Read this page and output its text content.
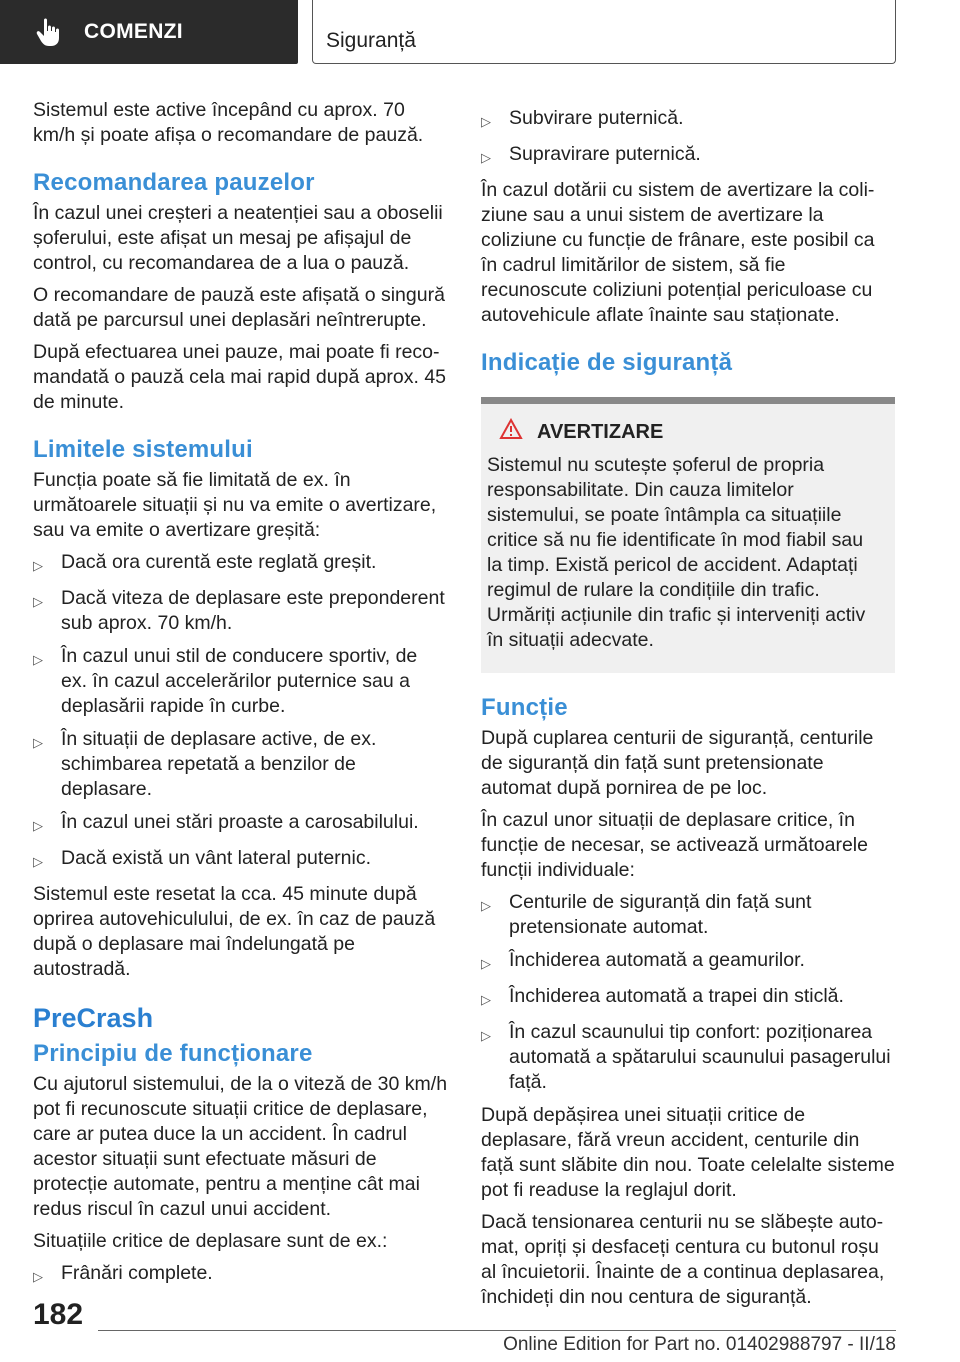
COMENZI	Siguranță

Sistemul este active începând cu aprox. 70 km/h și poate afișa o recomandare de pauză.

Recomandarea pauzelor

În cazul unei creșteri a neatenției sau a oboselii șoferului, este afișat un mesaj pe afișajul de control, cu recomandarea de a lua o pauză.

O recomandare de pauză este afișată o singură dată pe parcursul unei deplasări neîntrerupte.

După efectuarea unei pauze, mai poate fi recomandată o pauză cela mai rapid după aprox. 45 de minute.

Limitele sistemului

Funcția poate să fie limitată de ex. în următoarele situații și nu va emite o avertizare, sau va emite o avertizare greșită:

▷ Dacă ora curentă este reglată greșit.
▷ Dacă viteza de deplasare este preponderent sub aprox. 70 km/h.
▷ În cazul unui stil de conducere sportiv, de ex. în cazul accelerărilor puternice sau a deplasării rapide în curbe.
▷ În situații de deplasare active, de ex. schimbarea repetată a benzilor de deplasare.
▷ În cazul unei stări proaste a carosabilului.
▷ Dacă există un vânt lateral puternic.

Sistemul este resetat la cca. 45 minute după oprirea autovehiculului, de ex. în caz de pauză după o deplasare mai îndelungată pe autostradă.

PreCrash
Principiu de funcționare

Cu ajutorul sistemului, de la o viteză de 30 km/h pot fi recunoscute situații critice de deplasare, care ar putea duce la un accident. În cadrul acestor situații sunt efectuate măsuri de protecție automate, pentru a menține cât mai redus riscul în cazul unui accident.

Situațiile critice de deplasare sunt de ex.:

▷ Frânări complete.
▷ Subvirare puternică.
▷ Supravirare puternică.

În cazul dotării cu sistem de avertizare la coliziune sau a unui sistem de avertizare la coliziune cu funcție de frânare, este posibil ca în cadrul limitărilor de sistem, să fie recunoscute coliziuni potențial periculoase cu autovehicule aflate înainte sau staționate.

Indicație de siguranță
AVERTIZARE
Sistemul nu scutește șoferul de propria responsabilitate. Din cauza limitelor sistemului, se poate întâmpla ca situațiile critice să nu fie identificate în mod fiabil sau la timp. Există pericol de accident. Adaptați regimul de rulare la condițiile din trafic. Urmăriți acțiunile din trafic și interveniți activ în situații adecvate.
Funcție

După cuplarea centurii de siguranță, centurile de siguranță din față sunt pretensionate automat după pornirea de pe loc.

În cazul unor situații de deplasare critice, în funcție de necesar, se activează următoarele funcții individuale:

▷ Centurile de siguranță din față sunt pretensionate automat.
▷ Închiderea automată a geamurilor.
▷ Închiderea automată a trapei din sticlă.
▷ În cazul scaunului tip confort: poziționarea automată a spătarului scaunului pasagerului față.

După depășirea unei situații critice de deplasare, fără vreun accident, centurile din față sunt slăbite din nou. Toate celelalte sisteme pot fi readuse la reglajul dorit.

Dacă tensionarea centurii nu se slăbește automat, opriți și desfaceți centura cu butonul roșu al încuietorii. Înainte de a continua deplasarea, închideți din nou centura de siguranță.

182
Online Edition for Part no. 01402988797 - II/18
